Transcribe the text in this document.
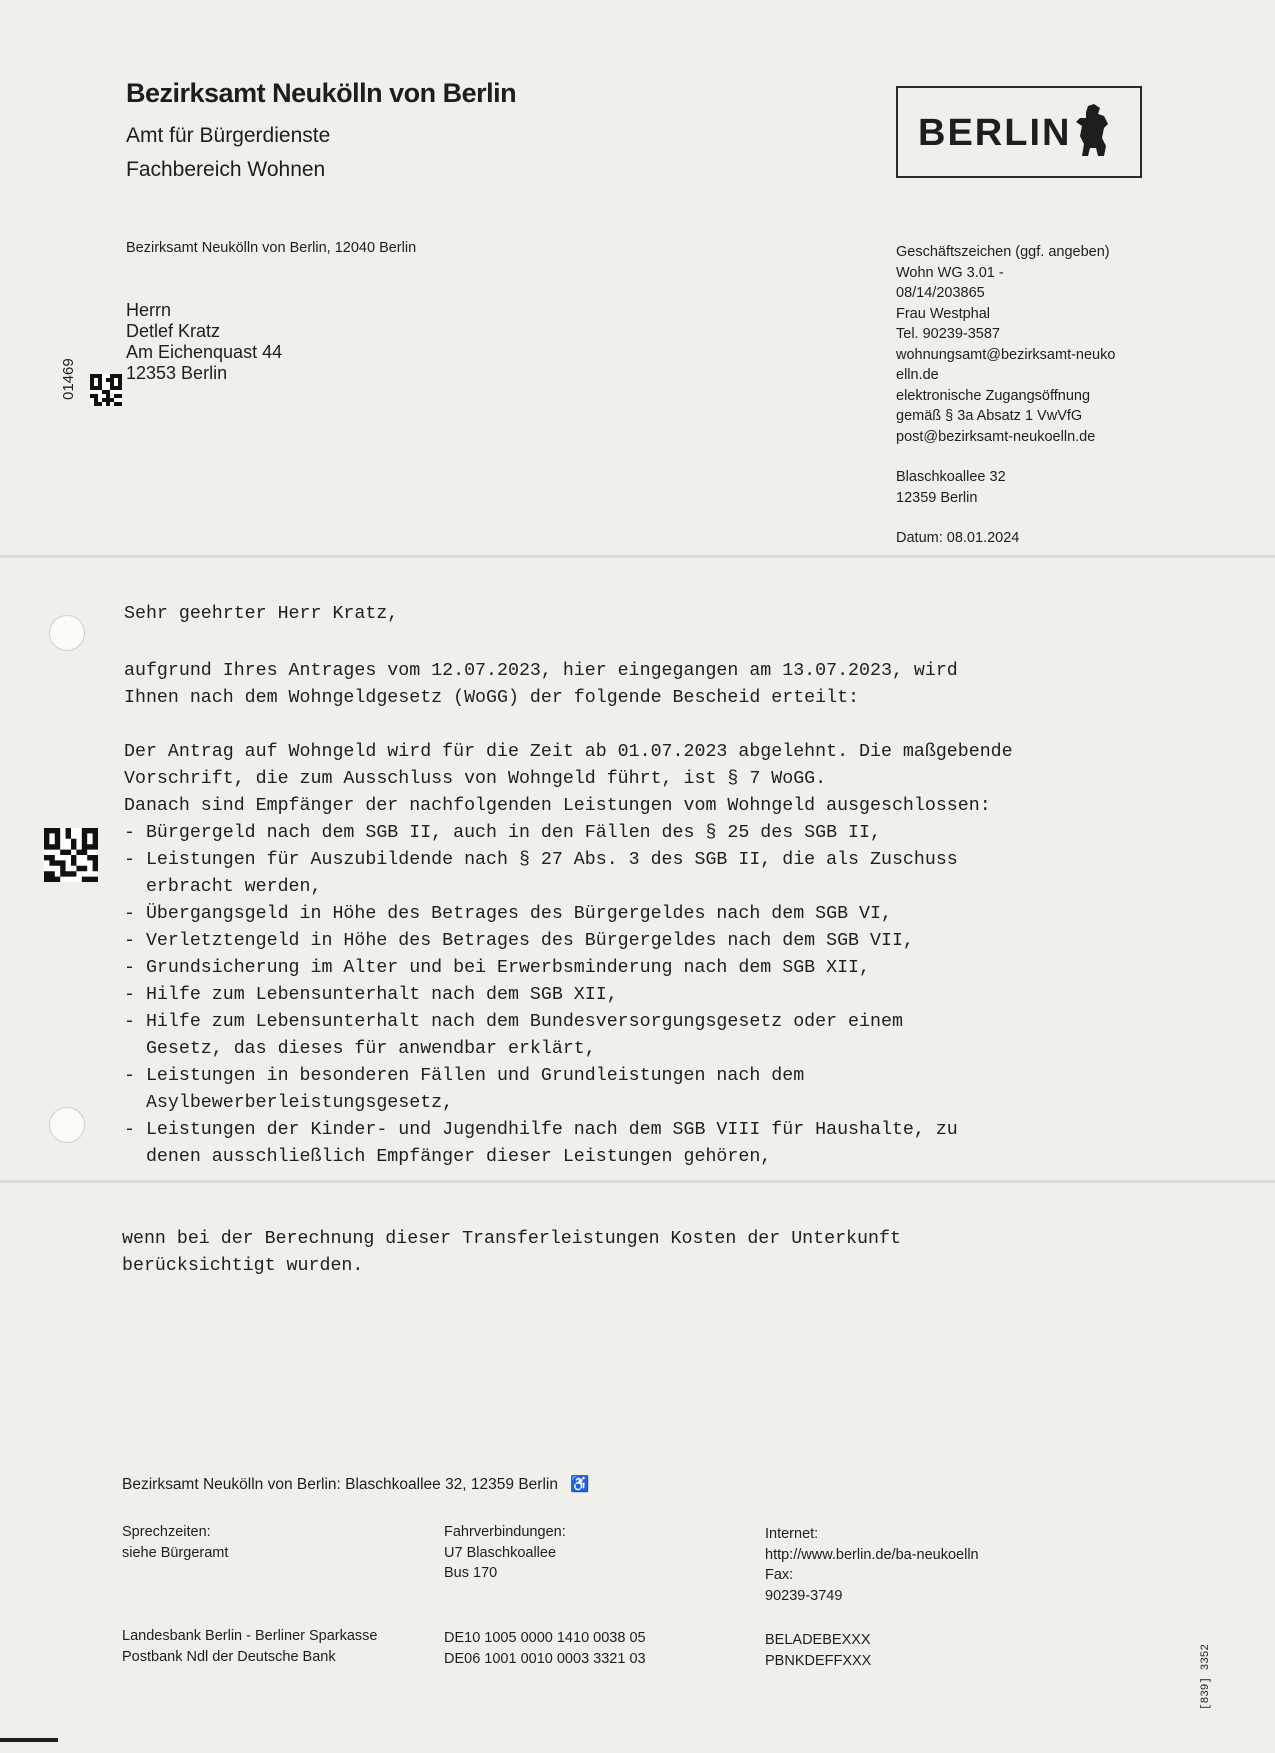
Bezirksamt Neukölln von Berlin
Amt für Bürgerdienste
Fachbereich Wohnen
BERLIN
Bezirksamt Neukölln von Berlin, 12040 Berlin
Herrn
Detlef Kratz
Am Eichenquast 44
12353 Berlin
01469
Geschäftszeichen (ggf. angeben)
Wohn WG 3.01 -
08/14/203865
Frau Westphal
Tel. 90239-3587
wohnungsamt@bezirksamt-neuko
elln.de
elektronische Zugangsöffnung
gemäß § 3a Absatz 1 VwVfG
post@bezirksamt-neukoelln.de
Blaschkoallee 32
12359 Berlin
Datum: 08.01.2024
Sehr geehrter Herr Kratz,
aufgrund Ihres Antrages vom 12.07.2023, hier eingegangen am 13.07.2023, wird
Ihnen nach dem Wohngeldgesetz (WoGG) der folgende Bescheid erteilt:
Der Antrag auf Wohngeld wird für die Zeit ab 01.07.2023 abgelehnt. Die maßgebende
Vorschrift, die zum Ausschluss von Wohngeld führt, ist § 7 WoGG.
Danach sind Empfänger der nachfolgenden Leistungen vom Wohngeld ausgeschlossen:
- Bürgergeld nach dem SGB II, auch in den Fällen des § 25 des SGB II,
- Leistungen für Auszubildende nach § 27 Abs. 3 des SGB II, die als Zuschuss
erbracht werden,
- Übergangsgeld in Höhe des Betrages des Bürgergeldes nach dem SGB VI,
- Verletztengeld in Höhe des Betrages des Bürgergeldes nach dem SGB VII,
- Grundsicherung im Alter und bei Erwerbsminderung nach dem SGB XII,
- Hilfe zum Lebensunterhalt nach dem SGB XII,
- Hilfe zum Lebensunterhalt nach dem Bundesversorgungsgesetz oder einem
Gesetz, das dieses für anwendbar erklärt,
- Leistungen in besonderen Fällen und Grundleistungen nach dem
Asylbewerberleistungsgesetz,
- Leistungen der Kinder- und Jugendhilfe nach dem SGB VIII für Haushalte, zu
denen ausschließlich Empfänger dieser Leistungen gehören,
wenn bei der Berechnung dieser Transferleistungen Kosten der Unterkunft
berücksichtigt wurden.
Bezirksamt Neukölln von Berlin: Blaschkoallee 32, 12359 Berlin ♿
Sprechzeiten:
siehe Bürgeramt
Fahrverbindungen:
U7 Blaschkoallee
Bus 170
Internet:
http://www.berlin.de/ba-neukoelln
Fax:
90239-3749
Landesbank Berlin - Berliner Sparkasse
Postbank Ndl der Deutsche Bank
DE10 1005 0000 1410 0038 05
DE06 1001 0010 0003 3321 03
BELADEBEXXX
PBNKDEFFXXX	[839] 3352
